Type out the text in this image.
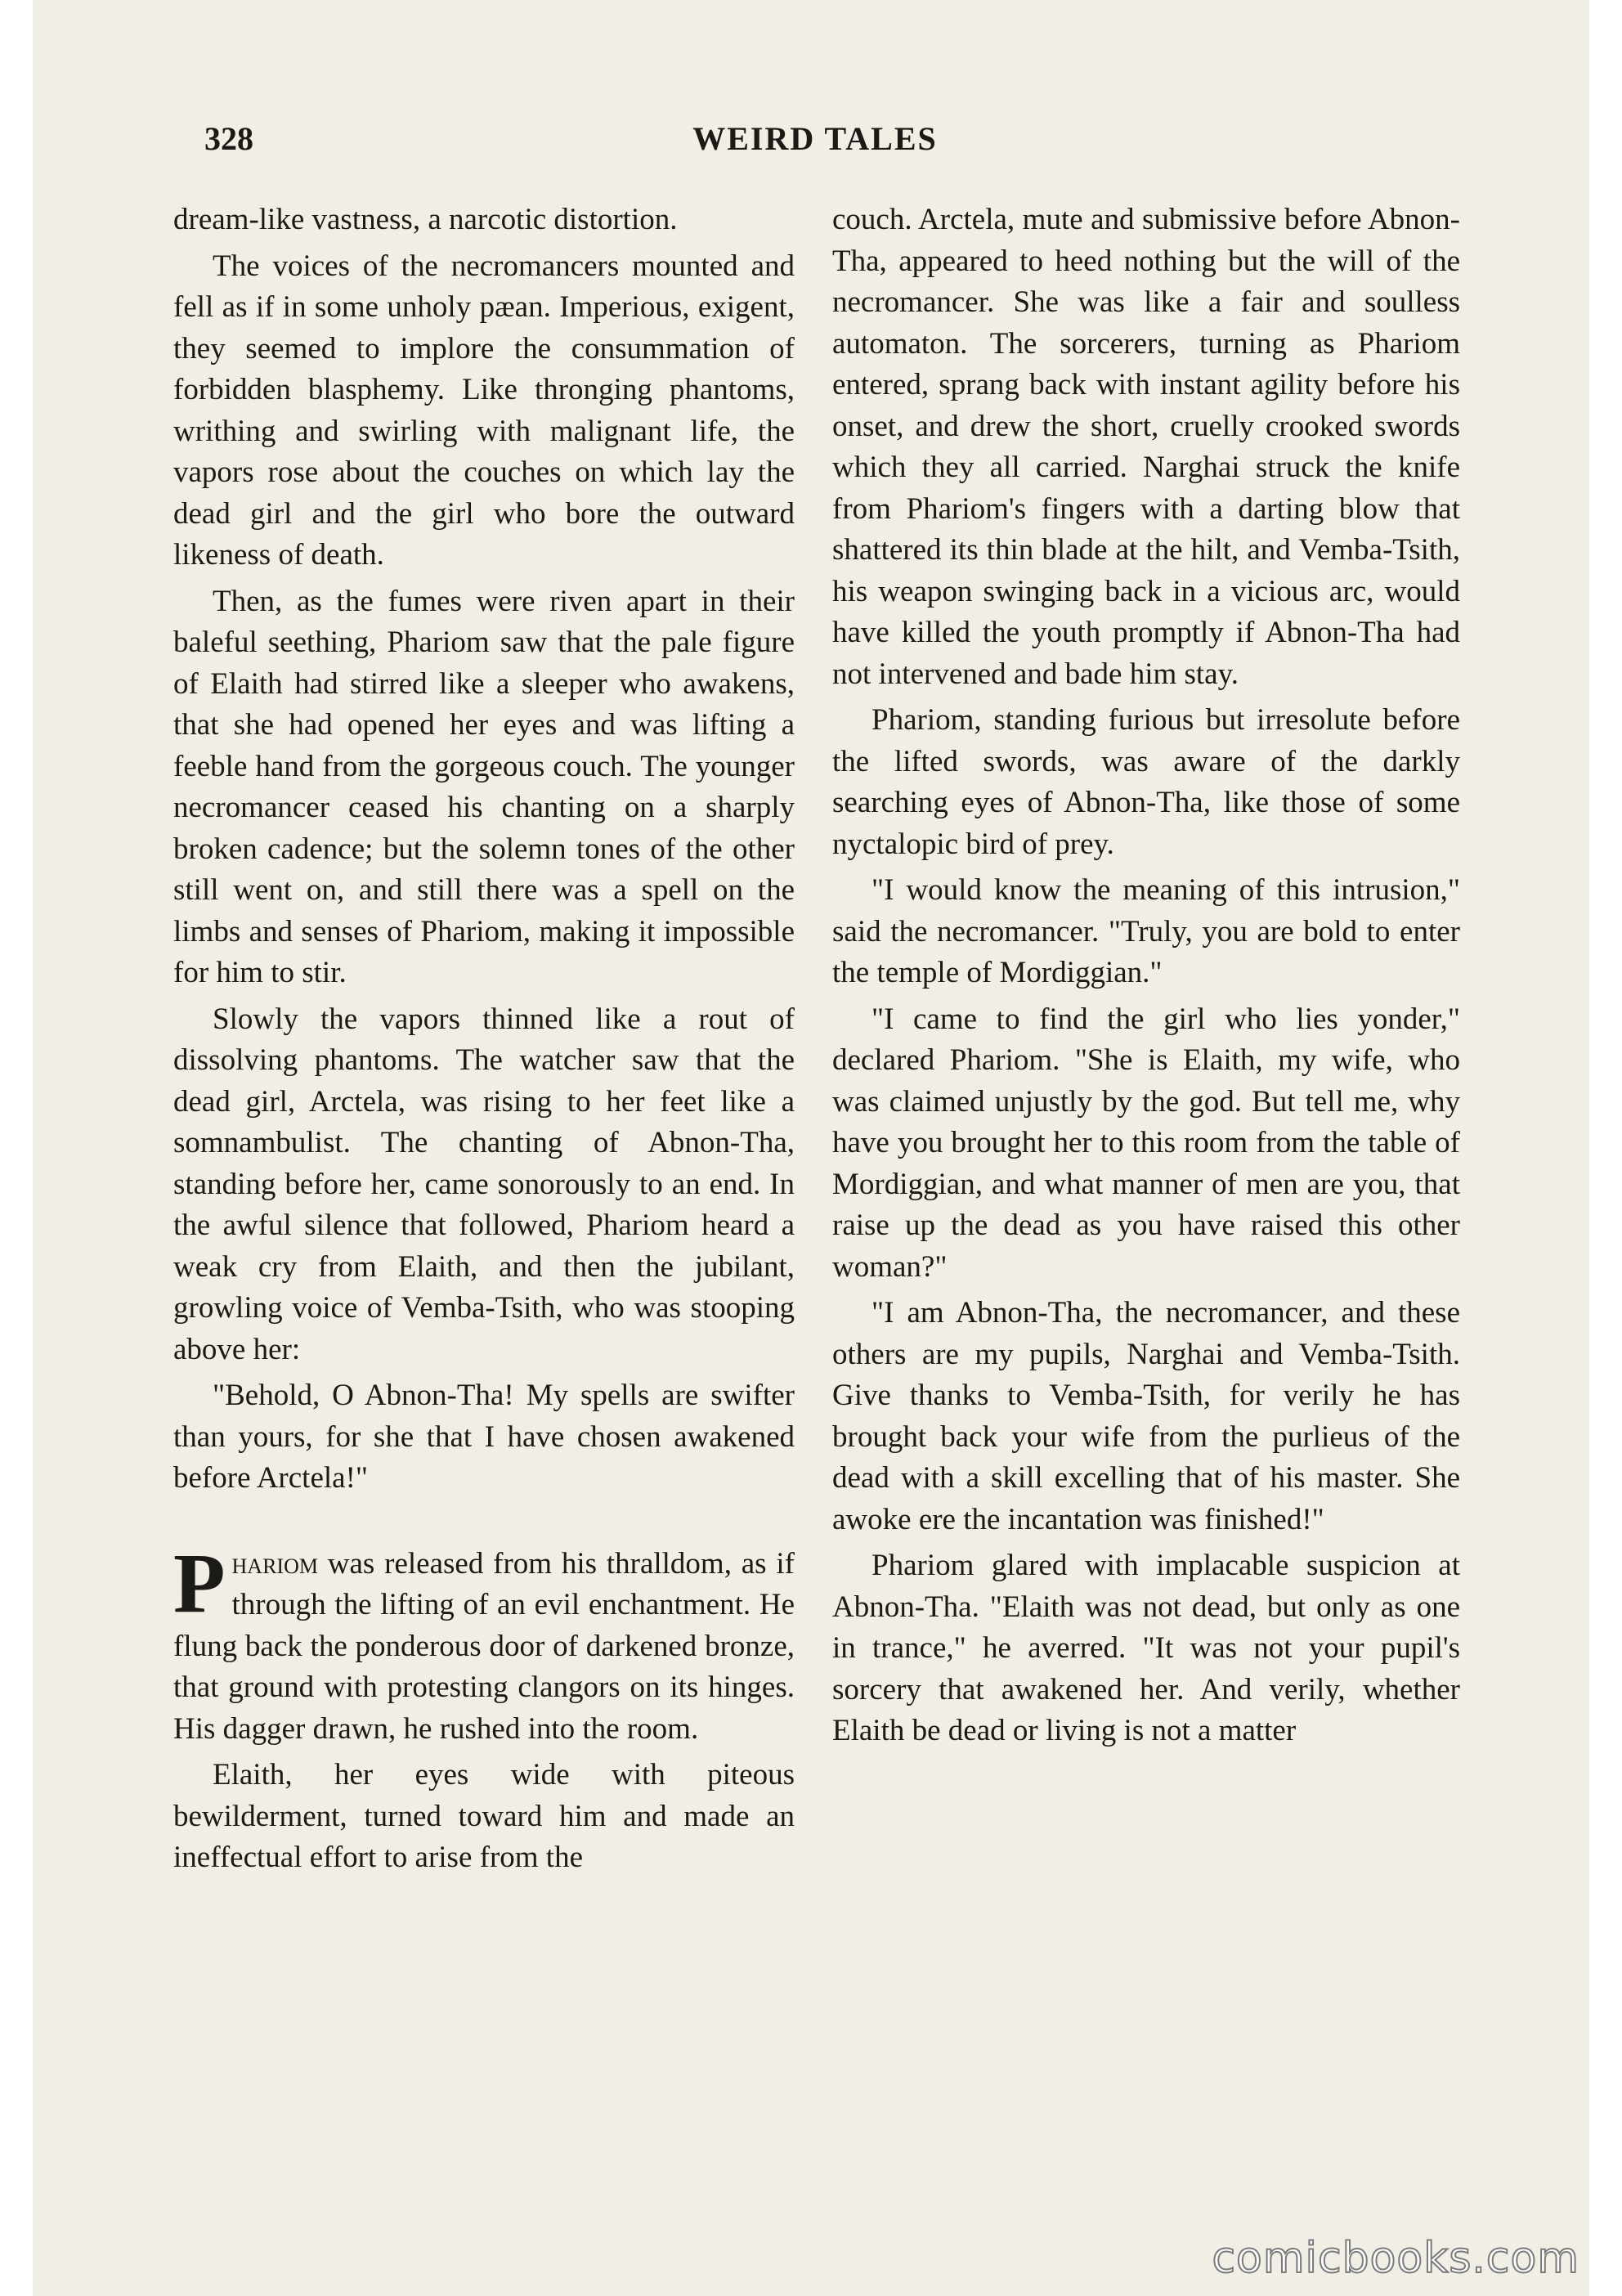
328	WEIRD TALES

dream-like vastness, a narcotic distortion.

The voices of the necromancers mounted and fell as if in some unholy pæan. Imperious, exigent, they seemed to implore the consummation of forbidden blasphemy. Like thronging phantoms, writhing and swirling with malignant life, the vapors rose about the couches on which lay the dead girl and the girl who bore the outward likeness of death.

Then, as the fumes were riven apart in their baleful seething, Phariom saw that the pale figure of Elaith had stirred like a sleeper who awakens, that she had opened her eyes and was lifting a feeble hand from the gorgeous couch. The younger necromancer ceased his chanting on a sharply broken cadence; but the solemn tones of the other still went on, and still there was a spell on the limbs and senses of Phariom, making it impossible for him to stir.

Slowly the vapors thinned like a rout of dissolving phantoms. The watcher saw that the dead girl, Arctela, was rising to her feet like a somnambulist. The chanting of Abnon-Tha, standing before her, came sonorously to an end. In the awful silence that followed, Phariom heard a weak cry from Elaith, and then the jubilant, growling voice of Vemba-Tsith, who was stooping above her:

"Behold, O Abnon-Tha! My spells are swifter than yours, for she that I have chosen awakened before Arctela!"

Phariom was released from his thralldom, as if through the lifting of an evil enchantment. He flung back the ponderous door of darkened bronze, that ground with protesting clangors on its hinges. His dagger drawn, he rushed into the room.

Elaith, her eyes wide with piteous bewilderment, turned toward him and made an ineffectual effort to arise from the

couch. Arctela, mute and submissive before Abnon-Tha, appeared to heed nothing but the will of the necromancer. She was like a fair and soulless automaton. The sorcerers, turning as Phariom entered, sprang back with instant agility before his onset, and drew the short, cruelly crooked swords which they all carried. Narghai struck the knife from Phariom's fingers with a darting blow that shattered its thin blade at the hilt, and Vemba-Tsith, his weapon swinging back in a vicious arc, would have killed the youth promptly if Abnon-Tha had not intervened and bade him stay.

Phariom, standing furious but irresolute before the lifted swords, was aware of the darkly searching eyes of Abnon-Tha, like those of some nyctalopic bird of prey.

"I would know the meaning of this intrusion," said the necromancer. "Truly, you are bold to enter the temple of Mordiggian."

"I came to find the girl who lies yonder," declared Phariom. "She is Elaith, my wife, who was claimed unjustly by the god. But tell me, why have you brought her to this room from the table of Mordiggian, and what manner of men are you, that raise up the dead as you have raised this other woman?"

"I am Abnon-Tha, the necromancer, and these others are my pupils, Narghai and Vemba-Tsith. Give thanks to Vemba-Tsith, for verily he has brought back your wife from the purlieus of the dead with a skill excelling that of his master. She awoke ere the incantation was finished!"

Phariom glared with implacable suspicion at Abnon-Tha. "Elaith was not dead, but only as one in trance," he averred. "It was not your pupil's sorcery that awakened her. And verily, whether Elaith be dead or living is not a matter

comicbooks.com
